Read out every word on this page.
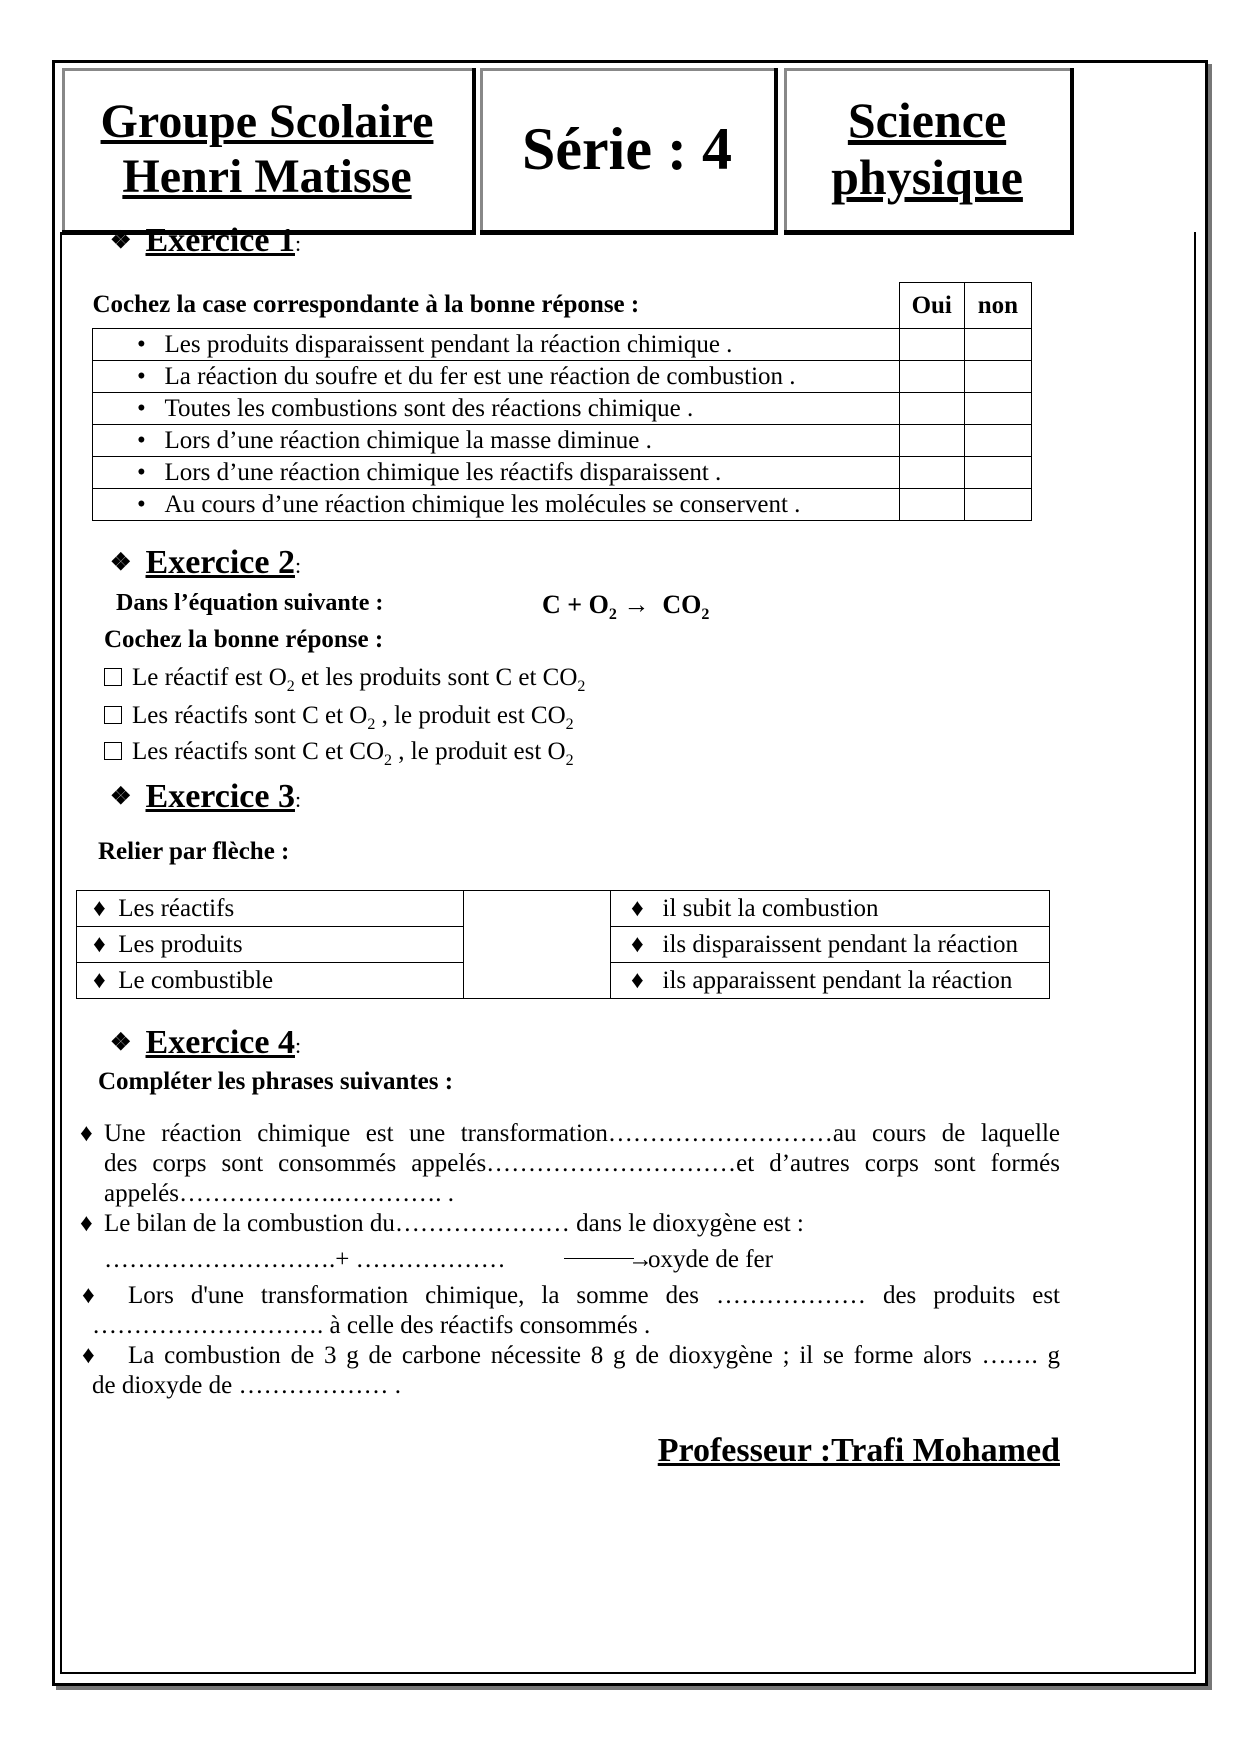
Groupe Scolaire
Henri Matisse Série : 4 Science
physique
❖ Exercice 1:
Cochez la case correspondante à la bonne réponse :	Oui	non
•   Les produits disparaissent pendant la réaction chimique .		
•   La réaction du soufre et du fer est une réaction de combustion .		
•   Toutes les combustions sont des réactions chimique .		
•   Lors d’une réaction chimique la masse diminue .		
•   Lors d’une réaction chimique les réactifs disparaissent .		
•   Au cours d’une réaction chimique les molécules se conservent .		
❖ Exercice 2:
Dans l’équation suivante :	$C + O_2 \to CO_2$
Cochez la bonne réponse :
Le réactif est $O_2$ et les produits sont C et $CO_2$
Les réactifs sont C et $O_2$ , le produit est $CO_2$
Les réactifs sont C et $CO_2$ , le produit est $O_2$
❖ Exercice 3:
Relier par flèche :
♦  Les réactifs		♦   il subit la combustion
♦  Les produits		♦   ils disparaissent pendant la réaction
♦  Le combustible		♦   ils apparaissent pendant la réaction
❖ Exercice 4:
Compléter les phrases suivantes :
♦ Une réaction chimique est une transformation………………………au cours de laquelle
des corps sont consommés appelés…………………………et d’autres corps sont formés
appelés……………….…………. .
♦ Le bilan de la combustion du………………… dans le dioxygène est :
……………………….+ ………………	→
oxyde de fer
♦ Lors d'une transformation chimique, la somme des ……………… des produits est
………………………. à celle des réactifs consommés .
♦ La combustion de 3 g de carbone nécessite 8 g de dioxygène ; il se forme alors ……. g
de dioxyde de ……………… .
Professeur :Trafi Mohamed
